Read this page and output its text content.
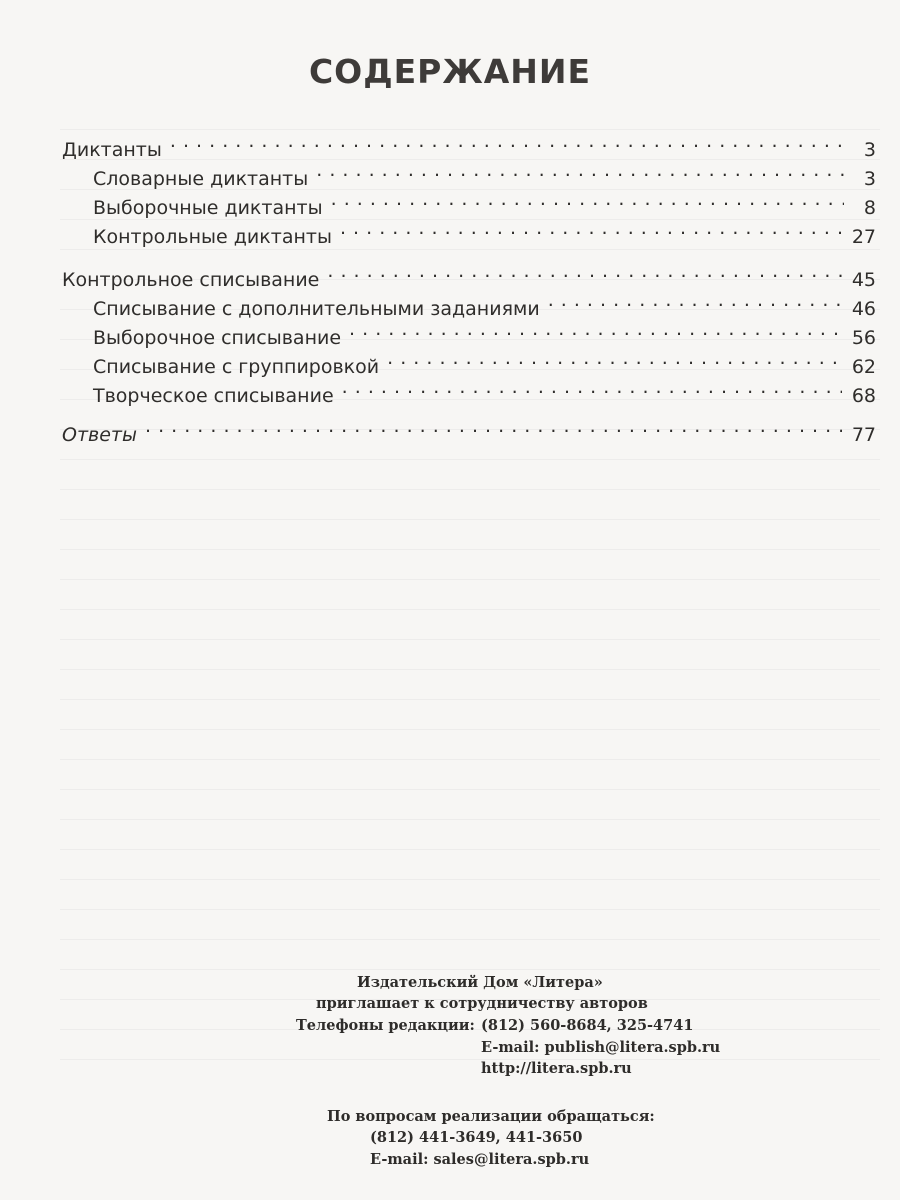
СОДЕРЖАНИЕ
Диктанты . . .	3
Словарные диктанты . . .	3
Выборочные диктанты . . .	8
Контрольные диктанты . . .	27
Контрольное списывание . . .	45
Списывание с дополнительными заданиями . . .	46
Выборочное списывание . . .	56
Списывание с группировкой . . .	62
Творческое списывание . . .	68
Ответы . . .	77
Издательский Дом «Литера»
приглашает к сотрудничеству авторов
Телефоны редакции: (812) 560-8684, 325-4741
E-mail: publish@litera.spb.ru
http://litera.spb.ru
По вопросам реализации обращаться:
(812) 441-3649, 441-3650
E-mail: sales@litera.spb.ru
